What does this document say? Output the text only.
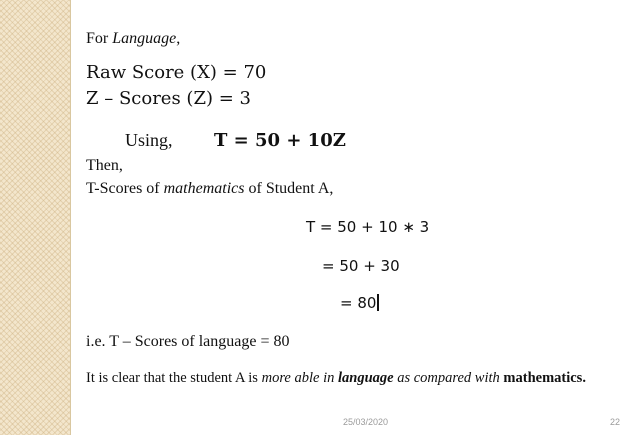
For Language,
Raw Score (X) = 70
Z – Scores (Z) = 3
Using, T = 50 + 10Z
Then,
T-Scores of mathematics of Student A,
T = 50 + 10 ∗ 3
= 50 + 30
= 80
i.e. T – Scores of language = 80
It is clear that the student A is more able in language as compared with mathematics.
25/03/2020	22
